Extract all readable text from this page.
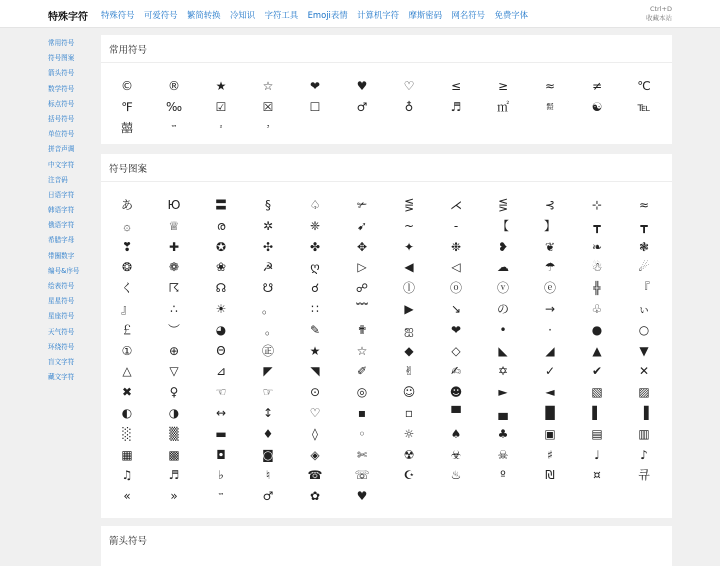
特殊字符 特殊符号 可爱符号 繁简转换 冷知识 字符工具 Emoji表情 计算机字符 摩斯密码 网名符号 免费字体
Ctrl+D
收藏本站
常用符号
符号图案
箭头符号
数学符号
标点符号
括号符号
单位符号
拼音声调
中文字符
注音码
日语字符
韩语字符
俄语字符
希腊字母
带圈数字
编号&序号
绘表符号
星星符号
星座符号
天气符号
环绕符号
盲文字符
藏文字符
常用符号
©	®	★	☆	❤	♥	♡	≤	≥	≈	≠	℃
℉	‰	☑	☒	☐	♂	♁	♬	㎡	㍿	☯	℡
囍	™	²	³
符号图案
あ	Ю	〓	§	♤	✃	⋚	⋌	⋚	⊰	⊹	≈
۞	♕	ര	✲	❈	➹	~	-	【	】	┳	┳
❣	✚	✪	✣	✤	✥	✦	❉	❥	❦	❧	❃
❂	❁	❀	☭	ღ	▷	◀	◁	☁	☂	☃	☄
く	☈	☊	☋	☌	☍	ⓛ	ⓞ	ⓥ	ⓔ	╬	『
』	∴	☀	。	∷	﹌	▶	↘	の	→	♧	ぃ
￡	︶	◕	｡	✎	✟	ஐ	❤	•	·	●	○
①	⊕	Θ	㊣	★	☆	◆	◇	◣	◢	▲	▼
△	▽	⊿	◤	◥	✐	✌	✍	✡	✓	✔	✕
✖	♀	☜	☞	⊙	◎	☺	☻	►	◄	▧	▨
◐	◑	↔	↕	♡	▪	▫	▀	▄	█	▌	▐
░	▒	▬	♦	◊	◦	☼	♠	♣	▣	▤	▥
▦	▩	◘	◙	◈	✄	☢	☣	☠	♯	♩	♪
♫	♬	♭	♮	☎	☏	☪	♨	º	₪	¤	큐
«	»	™	♂	✿	♥
箭头符号
